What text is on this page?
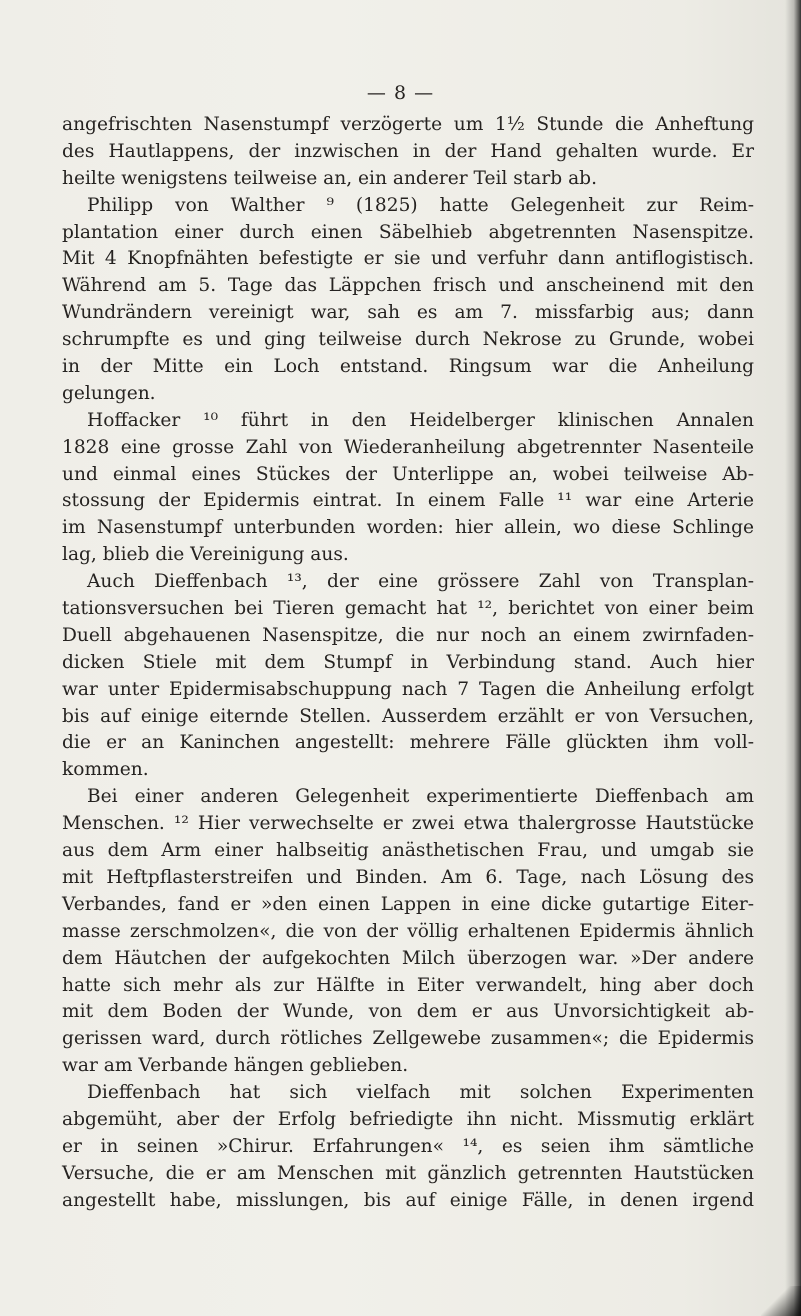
— 8 —
angefrischten Nasenstumpf verzögerte um 1½ Stunde die Anheftung
des Hautlappens, der inzwischen in der Hand gehalten wurde. Er
heilte wenigstens teilweise an, ein anderer Teil starb ab.
Philipp von Walther ⁹ (1825) hatte Gelegenheit zur Reim-
plantation einer durch einen Säbelhieb abgetrennten Nasenspitze.
Mit 4 Knopfnähten befestigte er sie und verfuhr dann antiflogistisch.
Während am 5. Tage das Läppchen frisch und anscheinend mit den
Wundrändern vereinigt war, sah es am 7. missfarbig aus; dann
schrumpfte es und ging teilweise durch Nekrose zu Grunde, wobei
in der Mitte ein Loch entstand. Ringsum war die Anheilung
gelungen.
Hoffacker ¹⁰ führt in den Heidelberger klinischen Annalen
1828 eine grosse Zahl von Wiederanheilung abgetrennter Nasenteile
und einmal eines Stückes der Unterlippe an, wobei teilweise Ab-
stossung der Epidermis eintrat. In einem Falle ¹¹ war eine Arterie
im Nasenstumpf unterbunden worden: hier allein, wo diese Schlinge
lag, blieb die Vereinigung aus.
Auch Dieffenbach ¹³, der eine grössere Zahl von Transplan-
tationsversuchen bei Tieren gemacht hat ¹², berichtet von einer beim
Duell abgehauenen Nasenspitze, die nur noch an einem zwirnfaden-
dicken Stiele mit dem Stumpf in Verbindung stand. Auch hier
war unter Epidermisabschuppung nach 7 Tagen die Anheilung erfolgt
bis auf einige eiternde Stellen. Ausserdem erzählt er von Versuchen,
die er an Kaninchen angestellt: mehrere Fälle glückten ihm voll-
kommen.
Bei einer anderen Gelegenheit experimentierte Dieffenbach am
Menschen. ¹² Hier verwechselte er zwei etwa thalergrosse Hautstücke
aus dem Arm einer halbseitig anästhetischen Frau, und umgab sie
mit Heftpflasterstreifen und Binden. Am 6. Tage, nach Lösung des
Verbandes, fand er »den einen Lappen in eine dicke gutartige Eiter-
masse zerschmolzen«, die von der völlig erhaltenen Epidermis ähnlich
dem Häutchen der aufgekochten Milch überzogen war. »Der andere
hatte sich mehr als zur Hälfte in Eiter verwandelt, hing aber doch
mit dem Boden der Wunde, von dem er aus Unvorsichtigkeit ab-
gerissen ward, durch rötliches Zellgewebe zusammen«; die Epidermis
war am Verbande hängen geblieben.
Dieffenbach hat sich vielfach mit solchen Experimenten
abgemüht, aber der Erfolg befriedigte ihn nicht. Missmutig erklärt
er in seinen »Chirur. Erfahrungen« ¹⁴, es seien ihm sämtliche
Versuche, die er am Menschen mit gänzlich getrennten Hautstücken
angestellt habe, misslungen, bis auf einige Fälle, in denen irgend
